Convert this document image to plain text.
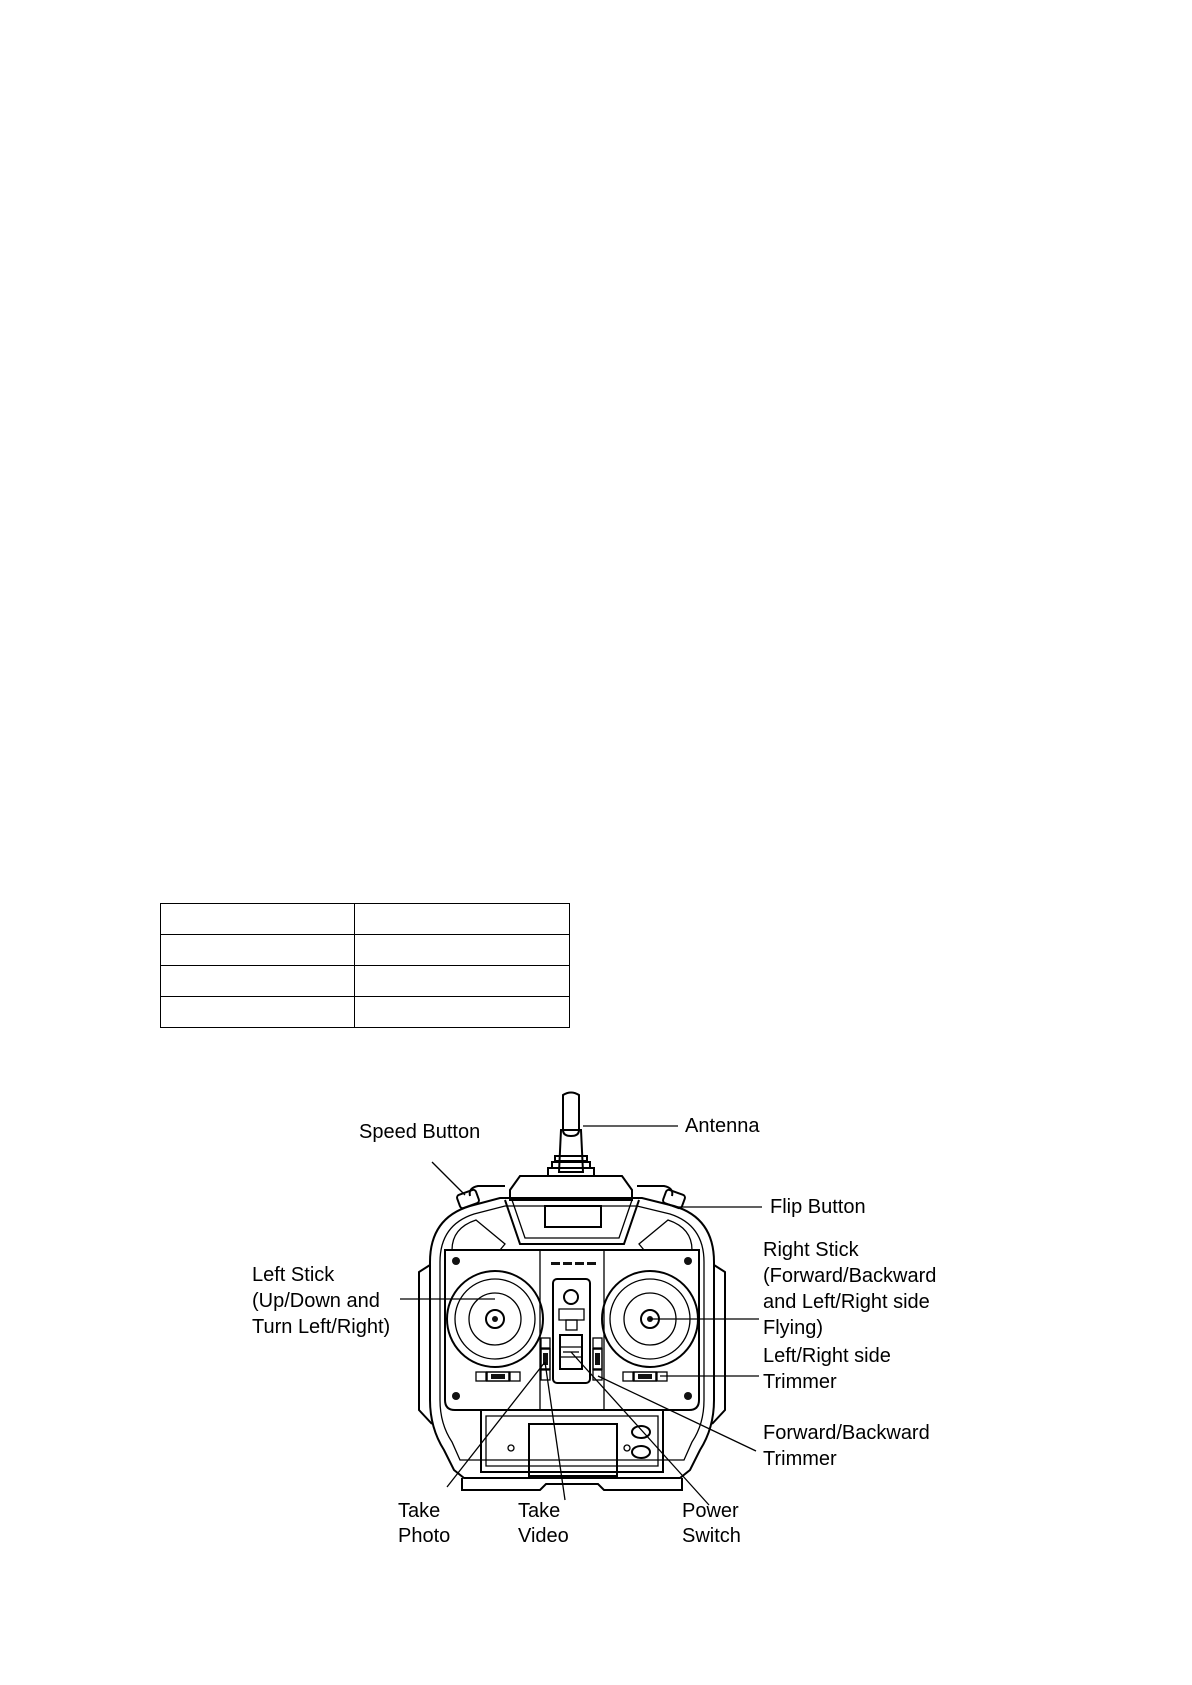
Speed Button	Antenna
Flip Button
Left Stick
(Up/Down and
Turn Left/Right)
Right Stick
(Forward/Backward
and Left/Right side
Flying)
Left/Right side
Trimmer
Forward/Backward
Trimmer
Take
Photo
Take
Video
Power
Switch
